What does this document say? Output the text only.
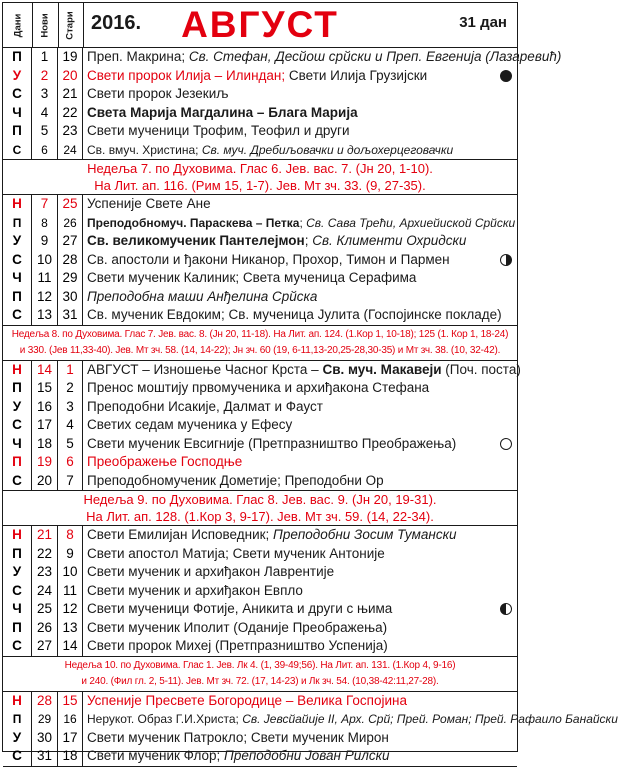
Дани Нови Стари 2016.	АВГУСТ	31 дан
П	1	19 Преп. Макрина; Св. Стефан, Десйош срйски и Преп. Евгенија (Лазаревић)
У	2	20 Свети пророк Илија – Илиндан; Свети Илија Грузијски
С	3	21 Свети пророк Језекиљ
Ч	4	22 Света Марија Магдалина – Блага Марија
П	5	23 Свети мученици Трофим, Теофил и други
С	6	24 Св. вмуч. Христина; Св. муч. Дребиљовачки и дољохерцеговачки
Недеља 7. по Духовима. Глас 6. Јев. вас. 7. (Јн 20, 1-10).
На Лит. ап. 116. (Рим 15, 1-7). Јев. Мт зч. 33. (9, 27-35).
Н	7	25 Успеније Свете Ане
П	8	26 Преподобномуч. Параскева – Петка; Св. Сава Трећи, Архиейиской Срйски
У	9	27 Св. великомученик Пантелејмон; Св. Клименти Охридски
С	10 28 Св. апостоли и ђакони Никанор, Прохор, Тимон и Пармен
Ч	11 29 Свети мученик Калиник; Света мученица Серафима
П	12 30 Преподобна маши Анђелина Срйска
С	13 31 Св. мученик Евдоким; Св. мученица Јулита (Госпојинске покладе)
Недеља 8. по Духовима. Глас 7. Јев. вас. 8. (Јн 20, 11-18). На Лит. ап. 124. (1.Кор 1, 10-18); 125 (1. Кор 1, 18-24)
и 330. (Јев 11,33-40). Јев. Мт зч. 58. (14, 14-22); Јн зч. 60 (19, 6-11,13-20,25-28,30-35) и Мт зч. 38. (10, 32-42).
Н	14	1 АВГУСТ – Изношење Часног Крста – Св. муч. Макавеји (Поч. поста)
П	15	2 Пренос моштију првомученика и архиђакона Стефана
У	16	3 Преподобни Исакије, Далмат и Фауст
С	17	4 Светих седам мученика у Ефесу
Ч	18	5 Свети мученик Евсигније (Претпразништво Преображења)
П	19	6 Преображење Господње
С	20	7 Преподобномученик Дометије; Преподобни Ор
Недеља 9. по Духовима. Глас 8. Јев. вас. 9. (Јн 20, 19-31).
На Лит. ап. 128. (1.Кор 3, 9-17). Јев. Мт зч. 59. (14, 22-34).
Н	21	8 Свети Емилијан Исповедник; Преподобни Зосим Тумански
П	22	9 Свети апостол Матија; Свети мученик Антоније
У	23 10 Свети мученик и архиђакон Лаврентије
С	24 11 Свети мученик и архиђакон Евпло
Ч	25 12 Свети мученици Фотије, Аникита и други с њима
П	26 13 Свети мученик Иполит (Оданије Преображења)
С	27 14 Свети пророк Михеј (Претпразништво Успенија)
Недеља 10. по Духовима. Глас 1. Јев. Лк 4. (1, 39-49;56). На Лит. ап. 131. (1.Кор 4, 9-16)
и 240. (Фил гл. 2, 5-11). Јев. Мт зч. 72. (17, 14-23) и Лк зч. 54. (10,38-42:11,27-28).
Н	28 15 Успеније Пресвете Богородице – Велика Госпојина
П	29	16 Нерукот. Образ Г.И.Христа; Св. Јевсйайије II, Арх. Срй; Прей. Роман; Прей. Рафаило Банайски
У	30 17 Свети мученик Патрокло; Свети мученик Мирон
С	31 18 Свети мученик Флор; Преподобни Јован Рилски
